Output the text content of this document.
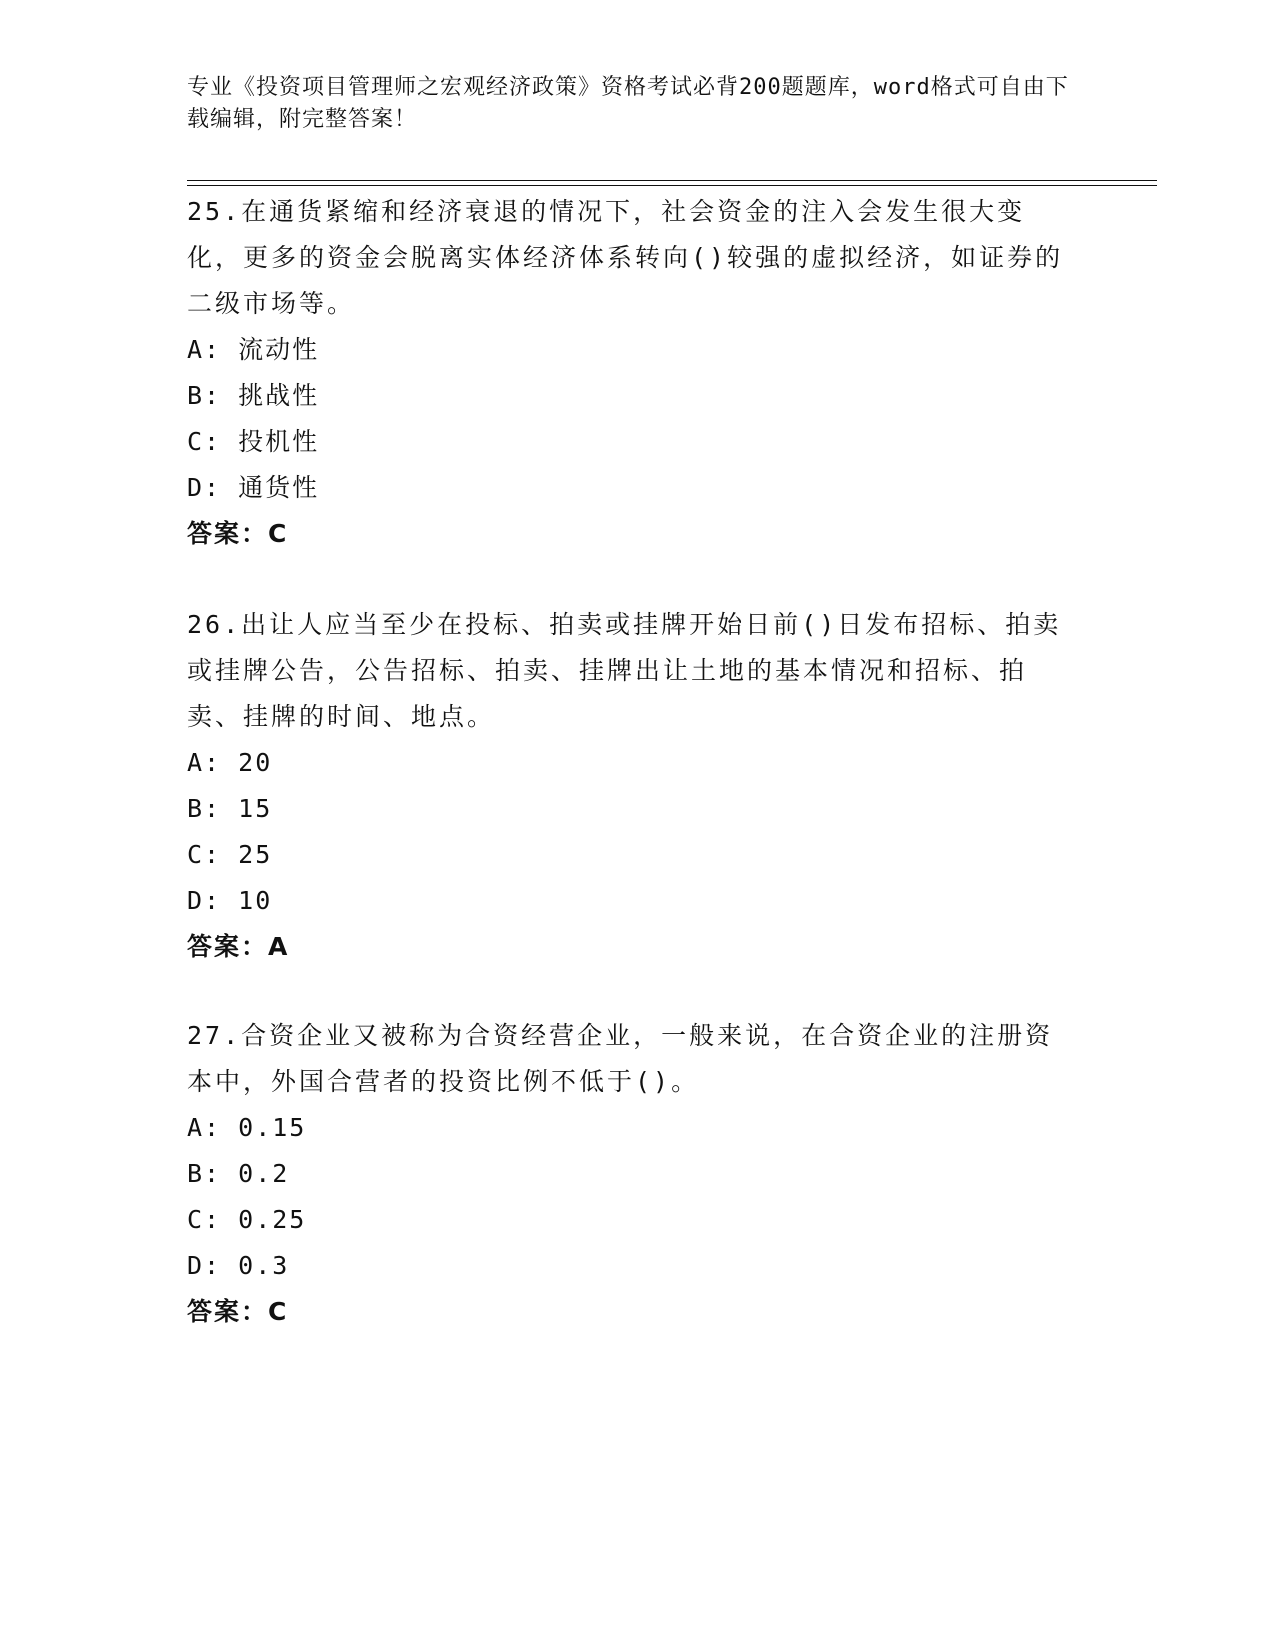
专业《投资项目管理师之宏观经济政策》资格考试必背200题题库，word格式可自由下载编辑，附完整答案！

25.在通货紧缩和经济衰退的情况下，社会资金的注入会发生很大变化，更多的资金会脱离实体经济体系转向()较强的虚拟经济，如证券的二级市场等。

A: 流动性

B: 挑战性

C: 投机性

D: 通货性

答案：C

26.出让人应当至少在投标、拍卖或挂牌开始日前()日发布招标、拍卖或挂牌公告，公告招标、拍卖、挂牌出让土地的基本情况和招标、拍卖、挂牌的时间、地点。

A: 20

B: 15

C: 25

D: 10

答案：A

27.合资企业又被称为合资经营企业，一般来说，在合资企业的注册资本中，外国合营者的投资比例不低于()。

A: 0.15

B: 0.2

C: 0.25

D: 0.3

答案：C
